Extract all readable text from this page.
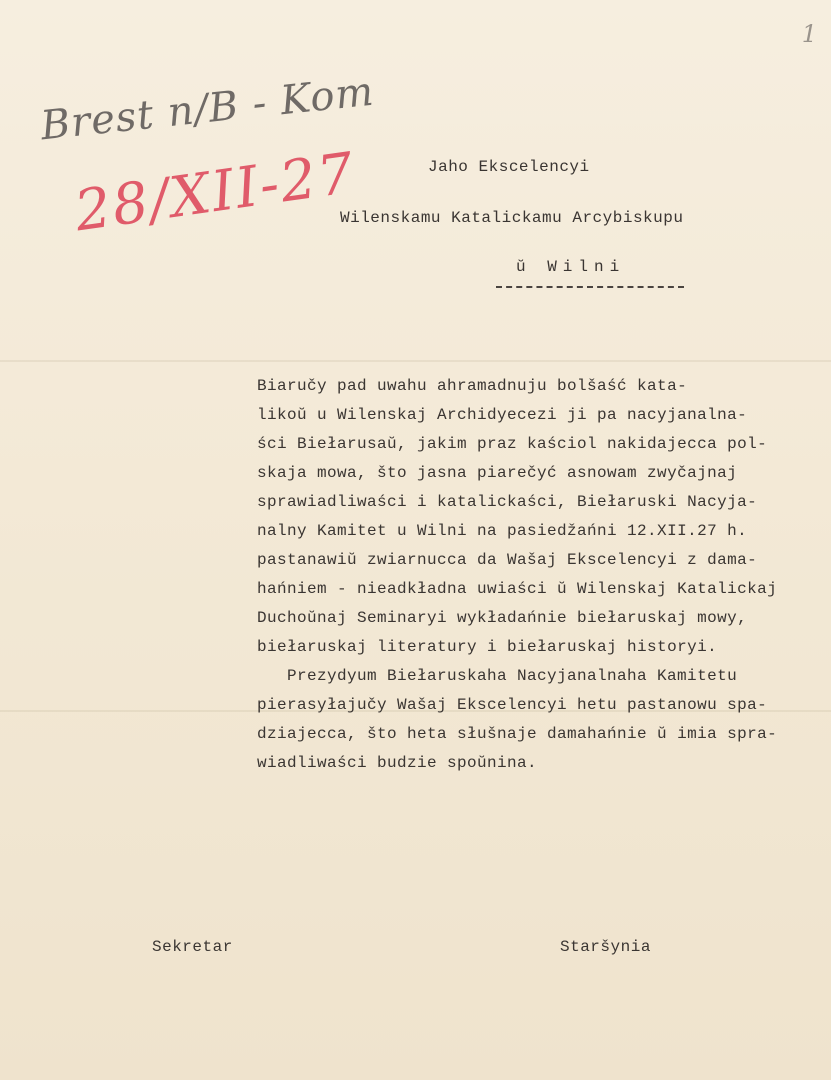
1
Brest n/B - Kom
28/XII-27	Jaho Ekscelencyi
Wilenskamu Katalickamu Arcybiskupu
ŭ Wilni
Biaručy pad uwahu ahramadnuju bolšaść kata-
likoŭ u Wilenskaj Archidyecezi ji pa nacyjanalna-
ści Biełarusaŭ, jakim praz kaściol nakidajecca pol-
skaja mowa, što jasna piarečyć asnowam zwyčajnaj
sprawiadliwaści i katalickaści, Biełaruski Nacyja-
nalny Kamitet u Wilni na pasiedžańni 12.XII.27 h.
pastanawiŭ zwiarnucca da Wašaj Ekscelencyi z dama-
hańniem - nieadkładna uwiaści ŭ Wilenskaj Katalickaj
Duchoŭnaj Seminaryi wykładańnie biełaruskaj mowy,
biełaruskaj literatury i biełaruskaj historyi.
Prezydyum Biełaruskaha Nacyjanalnaha Kamitetu
pierasyłajučy Wašaj Ekscelencyi hetu pastanowu spa-
dziajecca, što heta słušnaje damahańnie ŭ imia spra-
wiadliwaści budzie spoŭnina.
Sekretar	Staršynia
